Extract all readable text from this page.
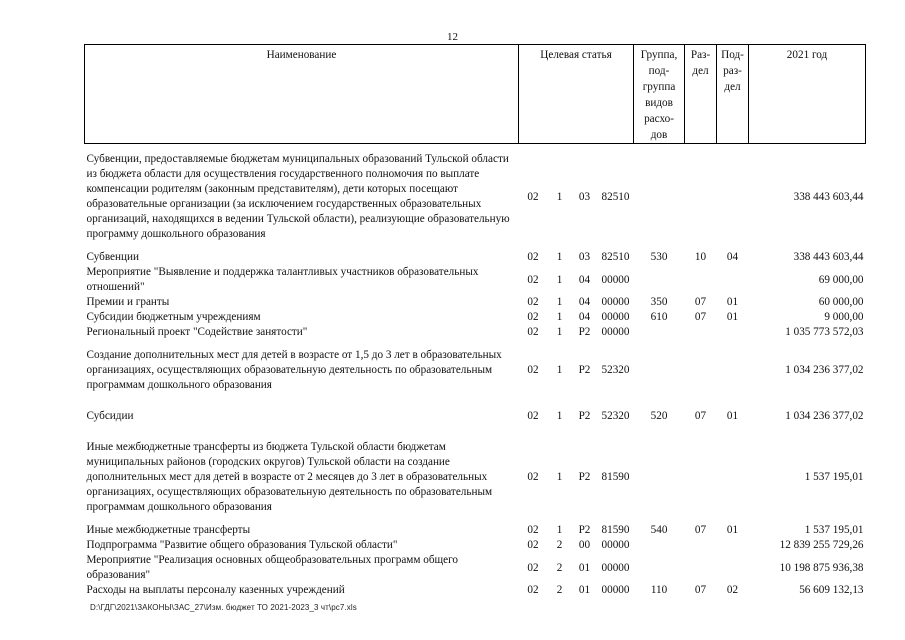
12
Наименование	Целевая статья				Группа, под-группа видов расхо-дов	Раз-дел	Под-раз-дел	2021 год
Субвенции, предоставляемые бюджетам муниципальных образований Тульской области из бюджета области для осуществления государственного полномочия по выплате компенсации родителям (законным представителям), дети которых посещают образовательные организации (за исключением государственных образовательных организаций, находящихся в ведении Тульской области), реализующие образовательную программу дошкольного образования	02	1	03	82510				338 443 603,44
Субвенции	02	1	03	82510	530	10	04	338 443 603,44
Мероприятие "Выявление и поддержка талантливых участников образовательных отношений"	02	1	04	00000				69 000,00
Премии и гранты	02	1	04	00000	350	07	01	60 000,00
Субсидии бюджетным учреждениям	02	1	04	00000	610	07	01	9 000,00
Региональный проект "Содействие занятости"	02	1	P2	00000				1 035 773 572,03
Создание дополнительных мест для детей в возрасте от 1,5 до 3 лет в образовательных организациях, осуществляющих образовательную деятельность по образовательным программам дошкольного образования	02	1	P2	52320				1 034 236 377,02
Субсидии	02	1	P2	52320	520	07	01	1 034 236 377,02
Иные межбюджетные трансферты из бюджета Тульской области бюджетам муниципальных районов (городских округов) Тульской области на создание дополнительных мест для детей в возрасте от 2 месяцев до 3 лет в образовательных организациях, осуществляющих образовательную деятельность по образовательным программам дошкольного образования	02	1	P2	81590				1 537 195,01
Иные межбюджетные трансферты	02	1	P2	81590	540	07	01	1 537 195,01
Подпрограмма "Развитие общего образования Тульской области"	02	2	00	00000				12 839 255 729,26
Мероприятие "Реализация основных общеобразовательных программ общего образования"	02	2	01	00000				10 198 875 936,38
Расходы на выплаты персоналу казенных учреждений	02	2	01	00000	110	07	02	56 609 132,13
D:\ГДГ\2021\ЗАКОНЫ\ЗАС_27\Изм. бюджет ТО 2021-2023_3 чт\рс7.xls
